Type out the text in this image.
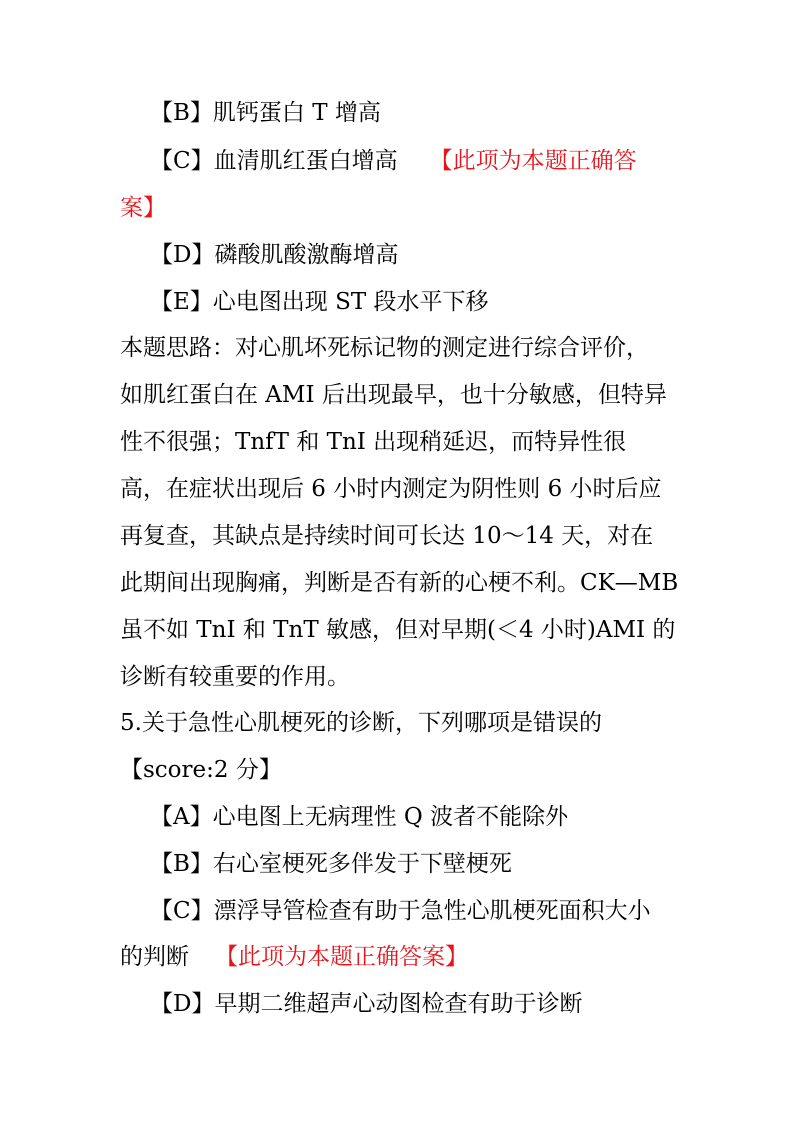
【B】肌钙蛋白 T 增高
【C】血清肌红蛋白增高 【此项为本题正确答
案】
【D】磷酸肌酸激酶增高
【E】心电图出现 ST 段水平下移
本题思路：对心肌坏死标记物的测定进行综合评价，
如肌红蛋白在 AMI 后出现最早，也十分敏感，但特异
性不很强；TnfT 和 TnI 出现稍延迟，而特异性很
高，在症状出现后 6 小时内测定为阴性则 6 小时后应
再复查，其缺点是持续时间可长达 10～14 天，对在
此期间出现胸痛，判断是否有新的心梗不利。CK—MB
虽不如 TnI 和 TnT 敏感，但对早期(＜4 小时)AMI 的
诊断有较重要的作用。
5.关于急性心肌梗死的诊断，下列哪项是错误的
【score:2 分】
【A】心电图上无病理性 Q 波者不能除外
【B】右心室梗死多伴发于下壁梗死
【C】漂浮导管检查有助于急性心肌梗死面积大小
的判断 【此项为本题正确答案】
【D】早期二维超声心动图检查有助于诊断
